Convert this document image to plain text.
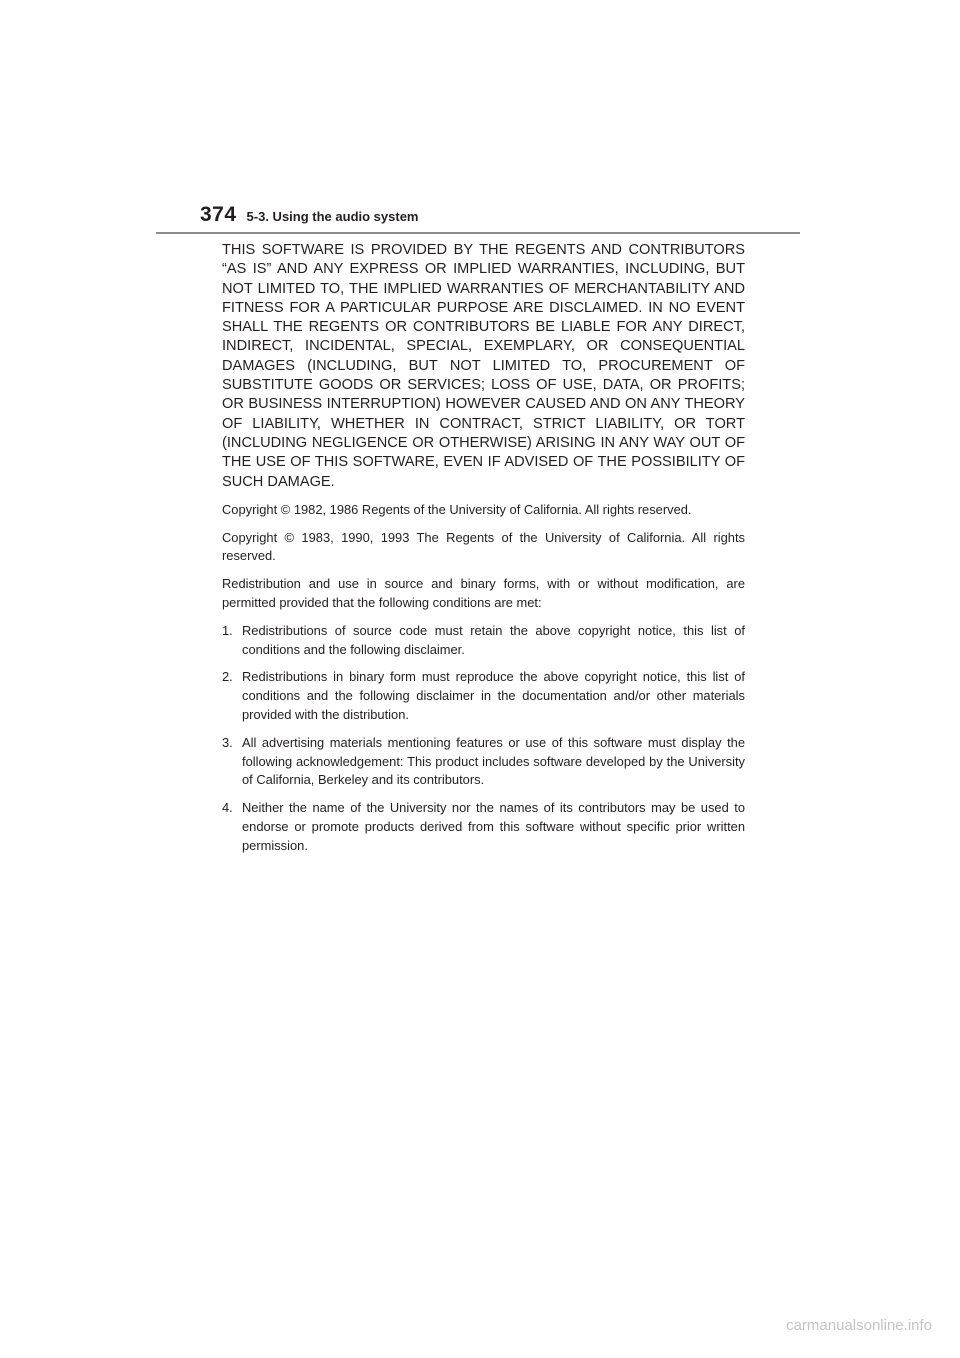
374 5-3. Using the audio system

THIS SOFTWARE IS PROVIDED BY THE REGENTS AND CONTRIBUTORS “AS IS” AND ANY EXPRESS OR IMPLIED WARRANTIES, INCLUDING, BUT NOT LIMITED TO, THE IMPLIED WARRANTIES OF MERCHANTABILITY AND FITNESS FOR A PARTICULAR PURPOSE ARE DISCLAIMED. IN NO EVENT SHALL THE REGENTS OR CONTRIBUTORS BE LIABLE FOR ANY DIRECT, INDIRECT, INCIDENTAL, SPECIAL, EXEMPLARY, OR CONSEQUENTIAL DAMAGES (INCLUDING, BUT NOT LIMITED TO, PROCUREMENT OF SUBSTITUTE GOODS OR SERVICES; LOSS OF USE, DATA, OR PROFITS; OR BUSINESS INTERRUPTION) HOWEVER CAUSED AND ON ANY THEORY OF LIABILITY, WHETHER IN CONTRACT, STRICT LIABILITY, OR TORT (INCLUDING NEGLIGENCE OR OTHERWISE) ARISING IN ANY WAY OUT OF THE USE OF THIS SOFTWARE, EVEN IF ADVISED OF THE POSSIBILITY OF SUCH DAMAGE.

Copyright © 1982, 1986 Regents of the University of California. All rights reserved.

Copyright © 1983, 1990, 1993 The Regents of the University of California. All rights reserved.

Redistribution and use in source and binary forms, with or without modification, are permitted provided that the following conditions are met:

1. Redistributions of source code must retain the above copyright notice, this list of conditions and the following disclaimer.
2. Redistributions in binary form must reproduce the above copyright notice, this list of conditions and the following disclaimer in the documentation and/or other materials provided with the distribution.
3. All advertising materials mentioning features or use of this software must display the following acknowledgement: This product includes software developed by the University of California, Berkeley and its contributors.
4. Neither the name of the University nor the names of its contributors may be used to endorse or promote products derived from this software without specific prior written permission.
carmanualsonline.info
